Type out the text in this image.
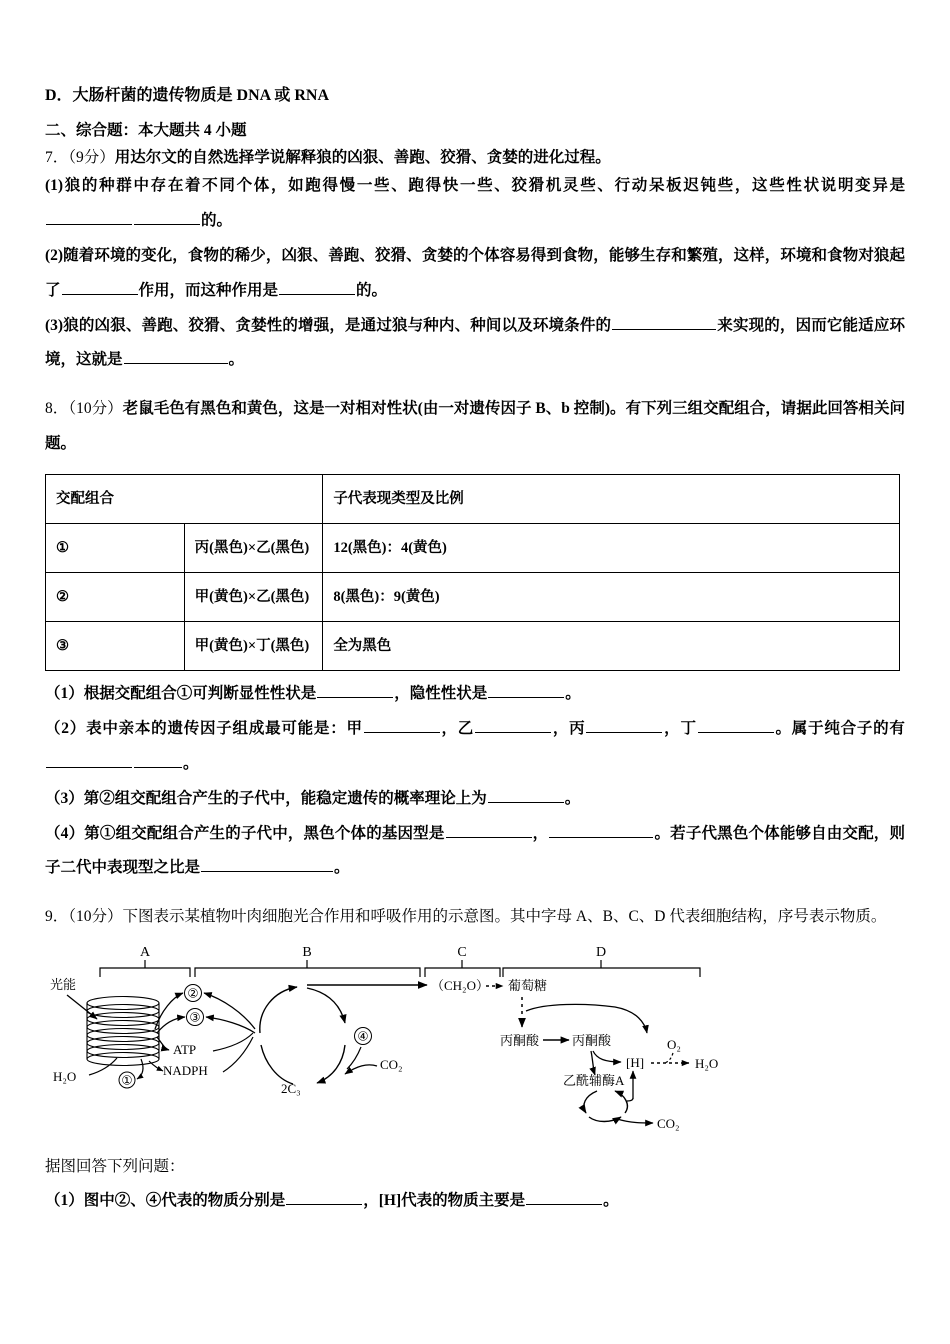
D．大肠杆菌的遗传物质是 DNA 或 RNA
二、综合题：本大题共 4 小题
7．（9分）用达尔文的自然选择学说解释狼的凶狠、善跑、狡猾、贪婪的进化过程。
(1)狼的种群中存在着不同个体，如跑得慢一些、跑得快一些、狡猾机灵些、行动呆板迟钝些，这些性状说明变异是的。
(2)随着环境的变化，食物的稀少，凶狠、善跑、狡猾、贪婪的个体容易得到食物，能够生存和繁殖，这样，环境和食物对狼起了	作用，而这种作用是	的。
(3)狼的凶狠、善跑、狡猾、贪婪性的增强，是通过狼与种内、种间以及环境条件的	来实现的，因而它能适应环境，这就是	。
8．（10分）老鼠毛色有黑色和黄色，这是一对相对性状(由一对遗传因子 B、b 控制)。有下列三组交配组合，请据此回答相关问题。
交配组合		子代表现类型及比例
①	丙(黑色)×乙(黑色)	12(黑色)：4(黄色)
②	甲(黄色)×乙(黑色)	8(黑色)：9(黄色)
③	甲(黄色)×丁(黑色)	全为黑色
（1）根据交配组合①可判断显性性状是	，隐性性状是	。
（2）表中亲本的遗传因子组成最可能是：甲	，乙	，丙	，丁	。属于纯合子的有。
（3）第②组交配组合产生的子代中，能稳定遗传的概率理论上为	。
（4）第①组交配组合产生的子代中，黑色个体的基因型是	，	。若子代黑色个体能够自由交配，则子二代中表现型之比是	。
9．（10分）下图表示某植物叶肉细胞光合作用和呼吸作用的示意图。其中字母 A、B、C、D 代表细胞结构，序号表示物质。
A	B	C	D
光能
H₂O	①
②
③
ATP
NADPH
2C₃
④
CO₂
（CH₂O） 葡萄糖
丙酮酸	丙酮酸
[H]
O₂
H₂O
乙酰辅酶A
CO₂
据图回答下列问题：
（1）图中②、④代表的物质分别是	，[H]代表的物质主要是	。
